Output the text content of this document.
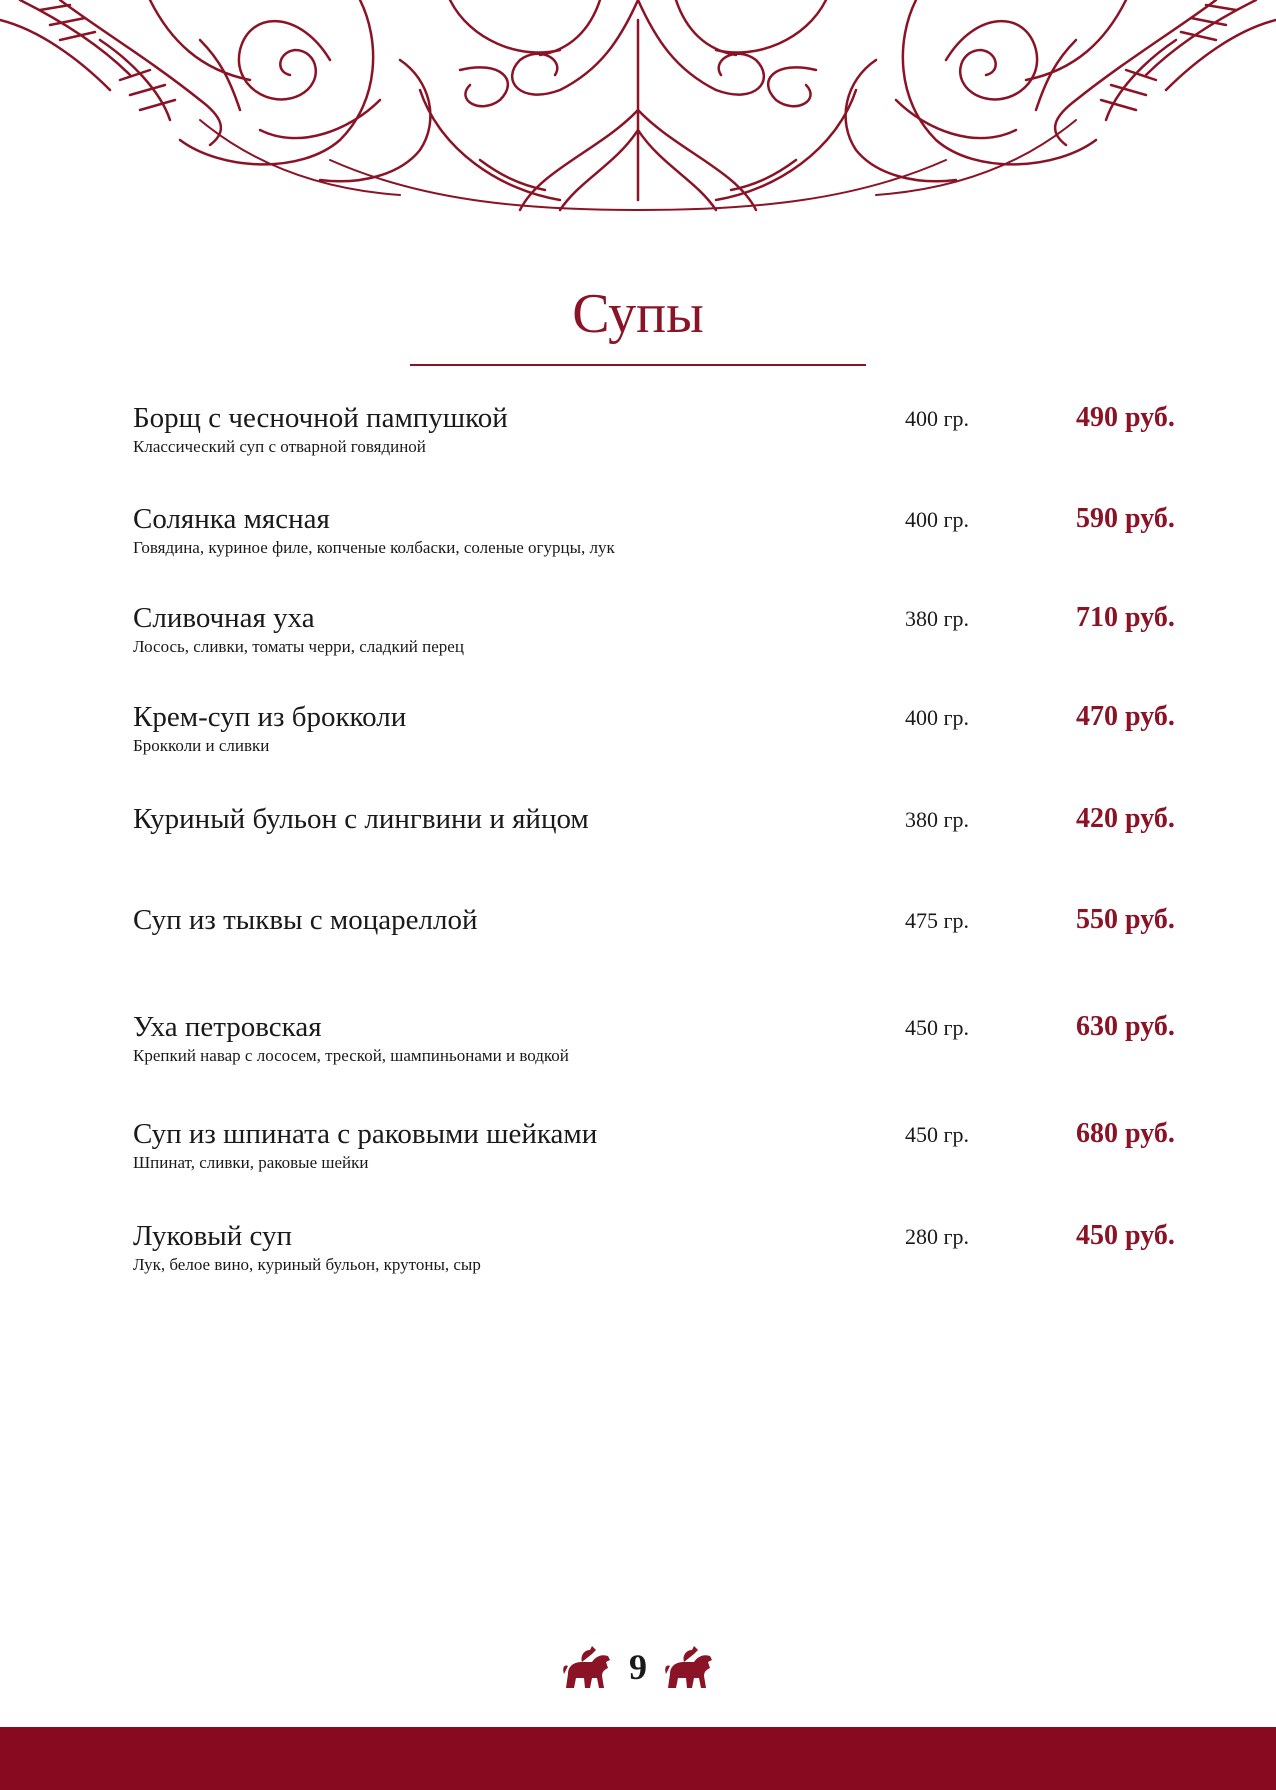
Супы
Борщ с чесночной пампушкой
Классический суп с отварной говядиной
400 гр.	490 руб.
Солянка мясная
Говядина, куриное филе, копченые колбаски, соленые огурцы, лук
400 гр.	590 руб.
Сливочная уха
Лосось, сливки, томаты черри, сладкий перец
380 гр.	710 руб.
Крем-суп из брокколи
Брокколи и сливки
400 гр.	470 руб.
Куриный бульон с лингвини и яйцом	380 гр.	420 руб.
Суп из тыквы с моцареллой	475 гр.	550 руб.
Уха петровская
Крепкий навар с лососем, треской, шампиньонами и водкой
450 гр.	630 руб.
Суп из шпината с раковыми шейками
Шпинат, сливки, раковые шейки
450 гр.	680 руб.
Луковый суп
Лук, белое вино, куриный бульон, крутоны, сыр
280 гр.	450 руб.
9
